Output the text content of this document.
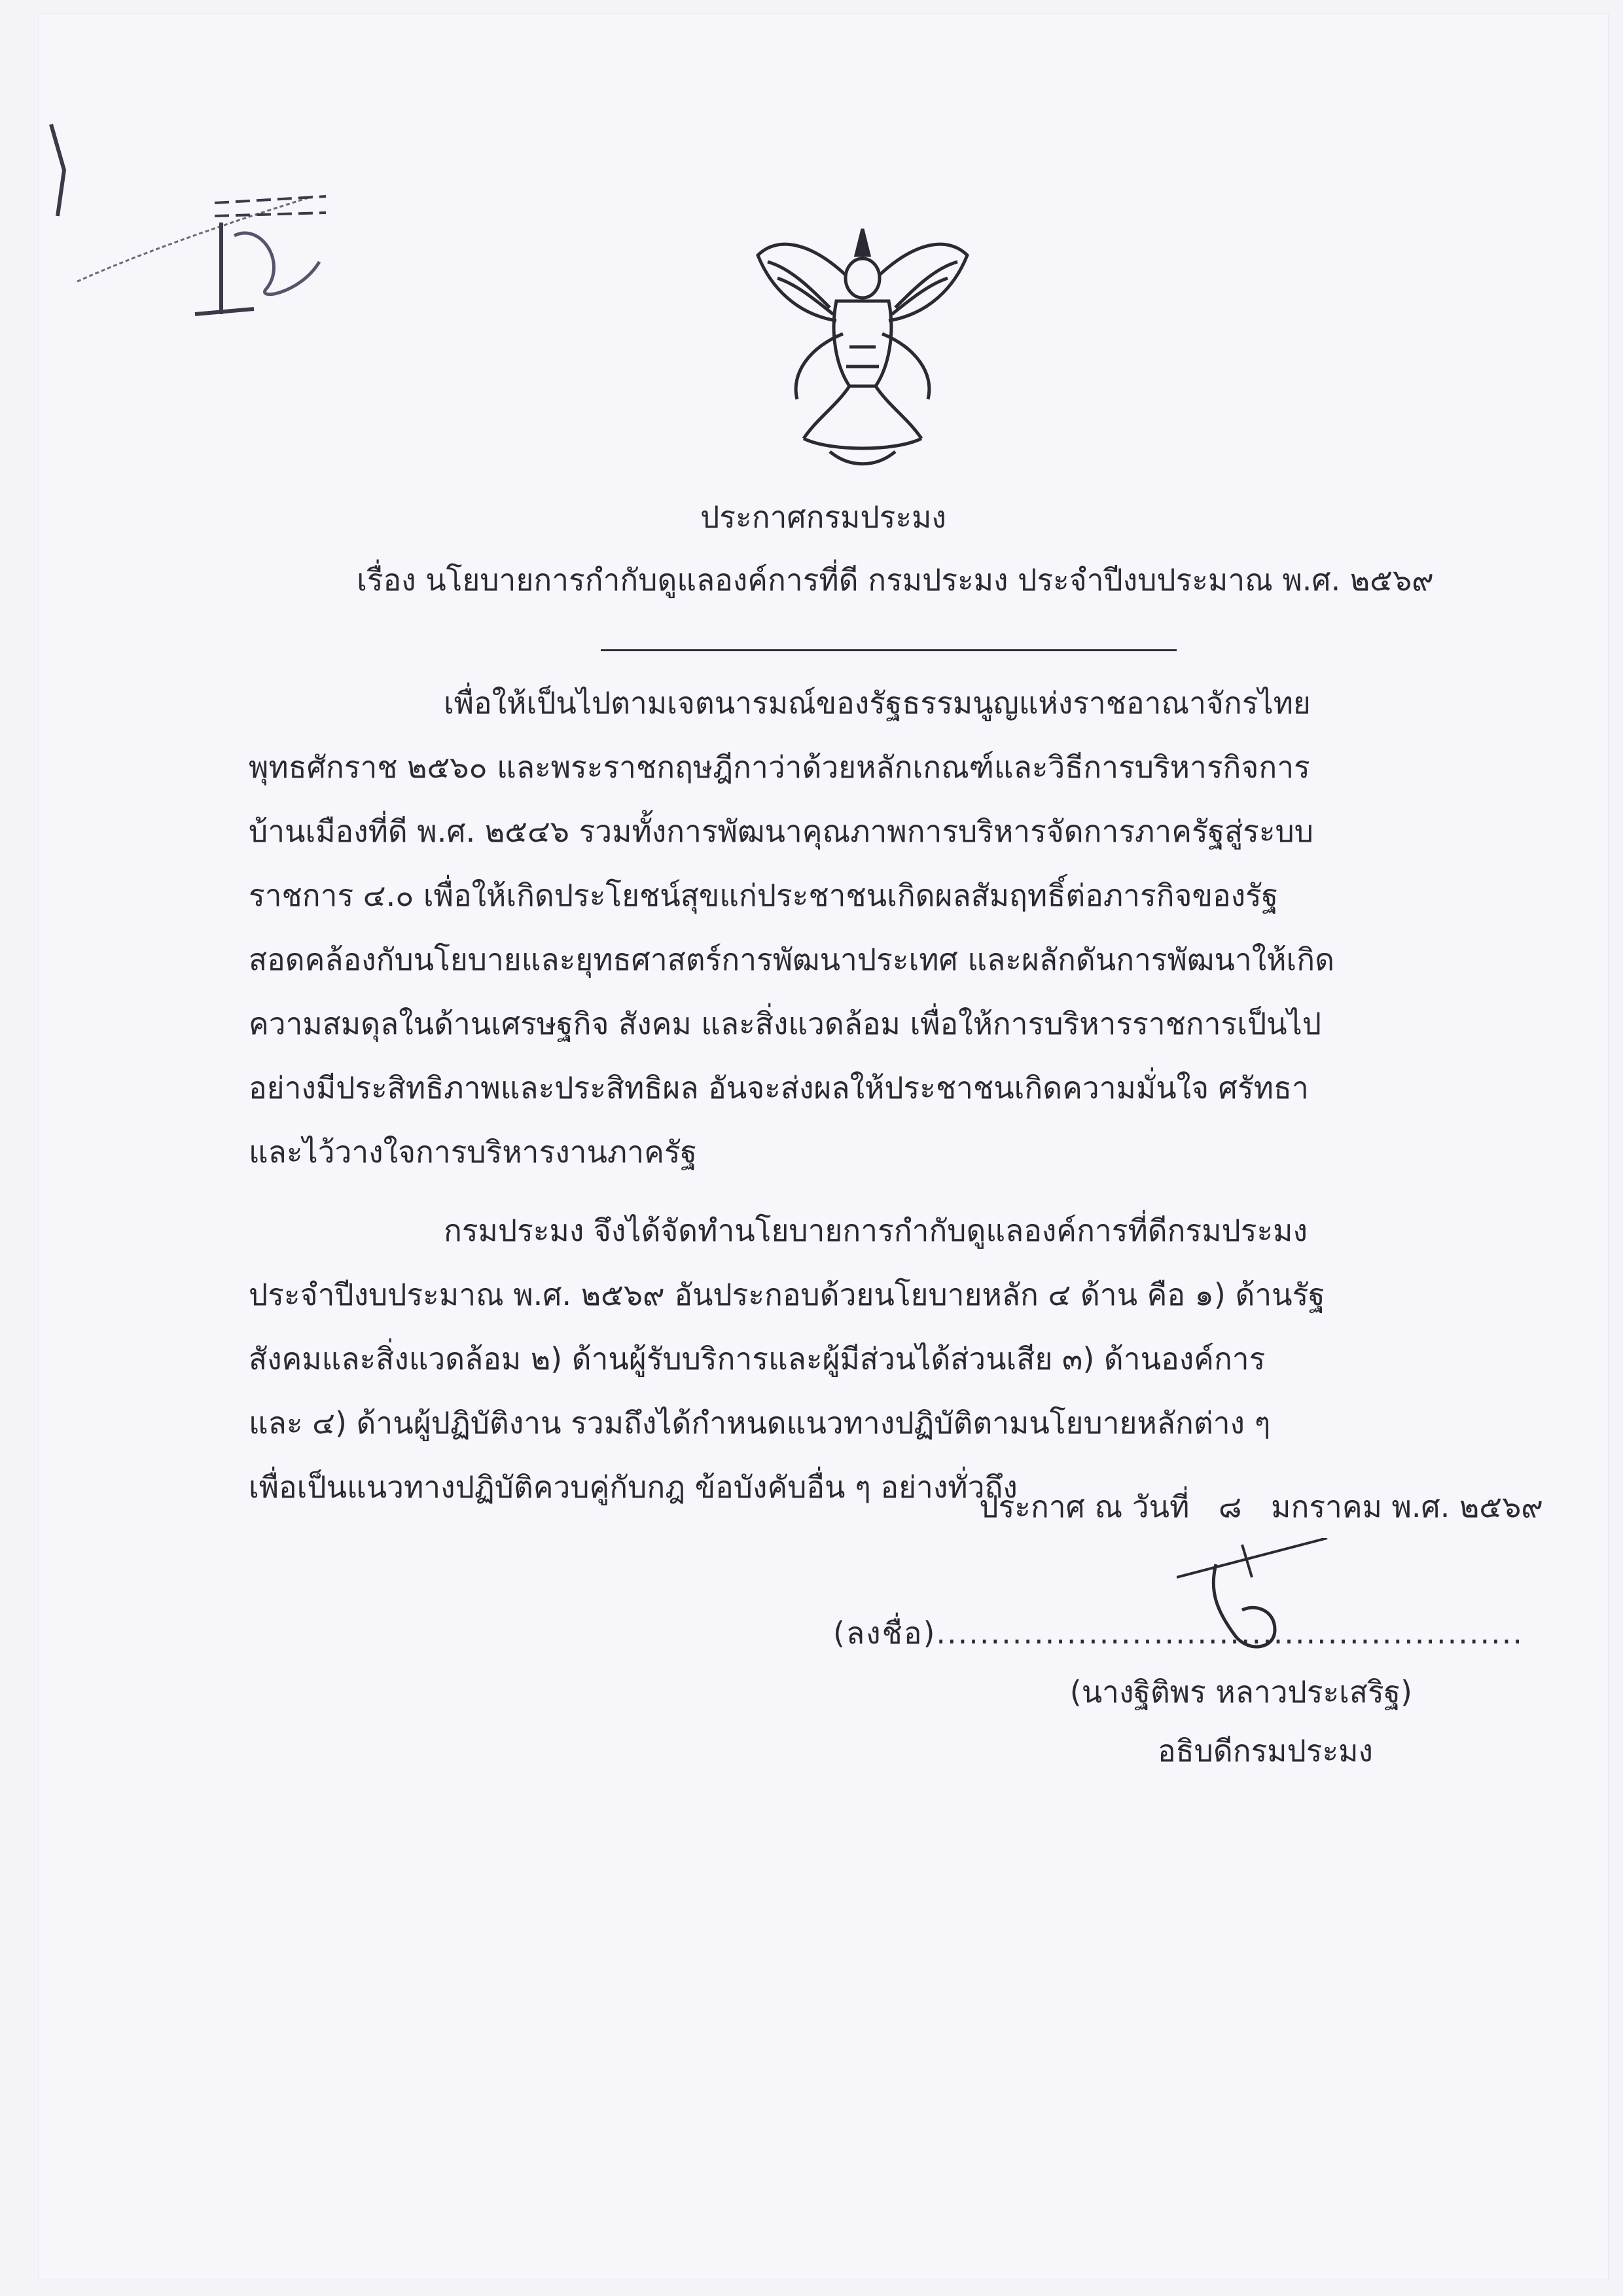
ประกาศกรมประมง
เรื่อง นโยบายการกำกับดูแลองค์การที่ดี กรมประมง ประจำปีงบประมาณ พ.ศ. ๒๕๖๙
เพื่อให้เป็นไปตามเจตนารมณ์ของรัฐธรรมนูญแห่งราชอาณาจักรไทย
พุทธศักราช ๒๕๖๐ และพระราชกฤษฎีกาว่าด้วยหลักเกณฑ์และวิธีการบริหารกิจการ
บ้านเมืองที่ดี พ.ศ. ๒๕๔๖ รวมทั้งการพัฒนาคุณภาพการบริหารจัดการภาครัฐสู่ระบบ
ราชการ ๔.๐ เพื่อให้เกิดประโยชน์สุขแก่ประชาชนเกิดผลสัมฤทธิ์ต่อภารกิจของรัฐ
สอดคล้องกับนโยบายและยุทธศาสตร์การพัฒนาประเทศ และผลักดันการพัฒนาให้เกิด
ความสมดุลในด้านเศรษฐกิจ สังคม และสิ่งแวดล้อม เพื่อให้การบริหารราชการเป็นไป
อย่างมีประสิทธิภาพและประสิทธิผล อันจะส่งผลให้ประชาชนเกิดความมั่นใจ ศรัทธา
และไว้วางใจการบริหารงานภาครัฐ
กรมประมง จึงได้จัดทำนโยบายการกำกับดูแลองค์การที่ดีกรมประมง
ประจำปีงบประมาณ พ.ศ. ๒๕๖๙ อันประกอบด้วยนโยบายหลัก ๔ ด้าน คือ ๑) ด้านรัฐ
สังคมและสิ่งแวดล้อม ๒) ด้านผู้รับบริการและผู้มีส่วนได้ส่วนเสีย ๓) ด้านองค์การ
และ ๔) ด้านผู้ปฏิบัติงาน รวมถึงได้กำหนดแนวทางปฏิบัติตามนโยบายหลักต่าง ๆ
เพื่อเป็นแนวทางปฏิบัติควบคู่กับกฎ ข้อบังคับอื่น ๆ อย่างทั่วถึง
ประกาศ ณ วันที่ ๘ มกราคม พ.ศ. ๒๕๖๙
(ลงชื่อ)......................................................
(นางฐิติพร หลาวประเสริฐ)
อธิบดีกรมประมง
